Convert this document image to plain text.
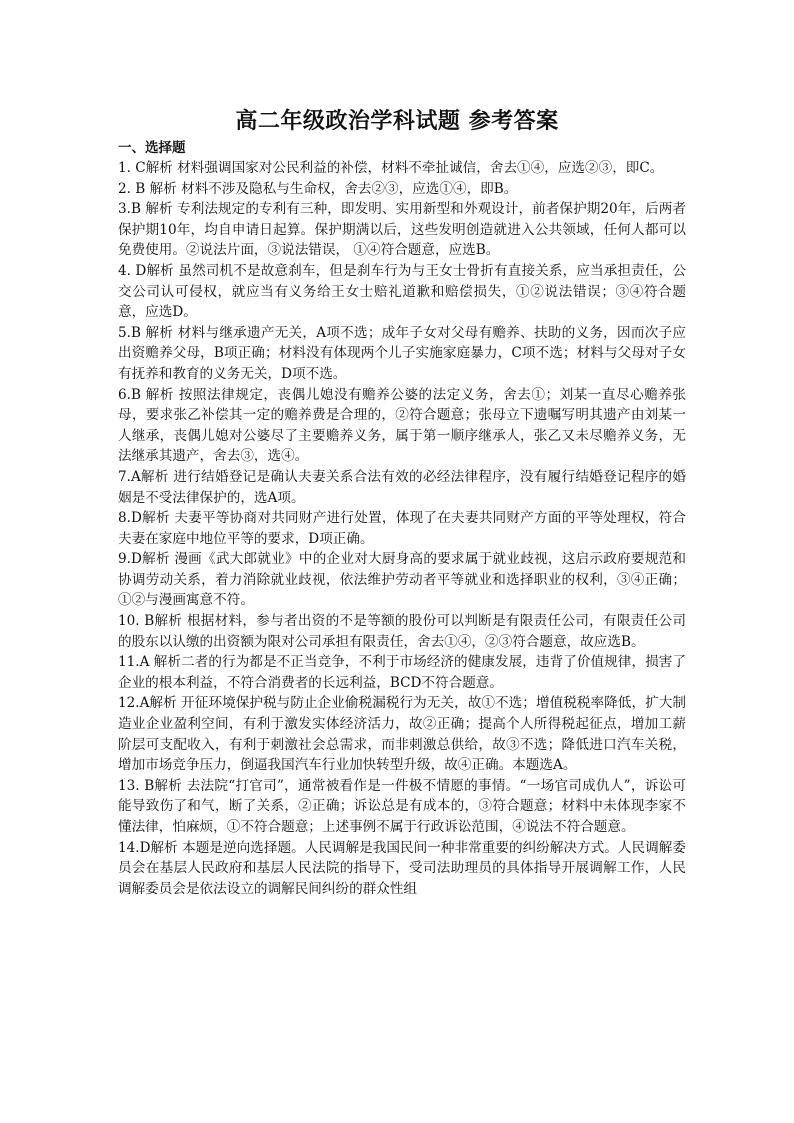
高二年级政治学科试题 参考答案
一、选择题

1. C解析 材料强调国家对公民利益的补偿，材料不牵扯诚信，舍去①④，应选②③，即C。

2. B 解析 材料不涉及隐私与生命权，舍去②③，应选①④，即B。

3.B 解析 专利法规定的专利有三种，即发明、实用新型和外观设计，前者保护期20年，后两者保护期10年，均自申请日起算。保护期满以后，这些发明创造就进入公共领域，任何人都可以免费使用。②说法片面，③说法错误， ①④符合题意，应选B。

4. D解析 虽然司机不是故意刹车，但是刹车行为与王女士骨折有直接关系，应当承担责任，公交公司认可侵权，就应当有义务给王女士赔礼道歉和赔偿损失，①②说法错误；③④符合题意，应选D。

5.B 解析 材料与继承遗产无关，A项不选；成年子女对父母有赡养、扶助的义务，因而次子应出资赡养父母，B项正确；材料没有体现两个儿子实施家庭暴力，C项不选；材料与父母对子女有抚养和教育的义务无关，D项不选。

6.B 解析 按照法律规定，丧偶儿媳没有赡养公婆的法定义务，舍去①；刘某一直尽心赡养张母，要求张乙补偿其一定的赡养费是合理的，②符合题意；张母立下遗嘱写明其遗产由刘某一人继承，丧偶儿媳对公婆尽了主要赡养义务，属于第一顺序继承人，张乙又未尽赡养义务，无法继承其遗产，舍去③，选④。

7.A解析 进行结婚登记是确认夫妻关系合法有效的必经法律程序，没有履行结婚登记程序的婚姻是不受法律保护的，选A项。

8.D解析 夫妻平等协商对共同财产进行处置，体现了在夫妻共同财产方面的平等处理权，符合夫妻在家庭中地位平等的要求，D项正确。

9.D解析 漫画《武大郎就业》中的企业对大厨身高的要求属于就业歧视，这启示政府要规范和协调劳动关系，着力消除就业歧视，依法维护劳动者平等就业和选择职业的权利，③④正确；①②与漫画寓意不符。

10. B解析 根据材料，参与者出资的不是等额的股份可以判断是有限责任公司，有限责任公司的股东以认缴的出资额为限对公司承担有限责任，舍去①④，②③符合题意，故应选B。

11.A 解析二者的行为都是不正当竞争，不利于市场经济的健康发展，违背了价值规律，损害了企业的根本利益，不符合消费者的长远利益，BCD不符合题意。

12.A解析 开征环境保护税与防止企业偷税漏税行为无关，故①不选；增值税税率降低，扩大制造业企业盈利空间，有利于激发实体经济活力，故②正确；提高个人所得税起征点，增加工薪阶层可支配收入，有利于刺激社会总需求，而非刺激总供给，故③不选；降低进口汽车关税，增加市场竞争压力，倒逼我国汽车行业加快转型升级，故④正确。本题选A。

13. B解析 去法院“打官司”，通常被看作是一件极不情愿的事情。“一场官司成仇人”，诉讼可能导致伤了和气，断了关系，②正确；诉讼总是有成本的，③符合题意；材料中未体现李家不懂法律，怕麻烦，①不符合题意；上述事例不属于行政诉讼范围，④说法不符合题意。

14.D解析 本题是逆向选择题。人民调解是我国民间一种非常重要的纠纷解决方式。人民调解委员会在基层人民政府和基层人民法院的指导下，受司法助理员的具体指导开展调解工作，人民调解委员会是依法设立的调解民间纠纷的群众性组
